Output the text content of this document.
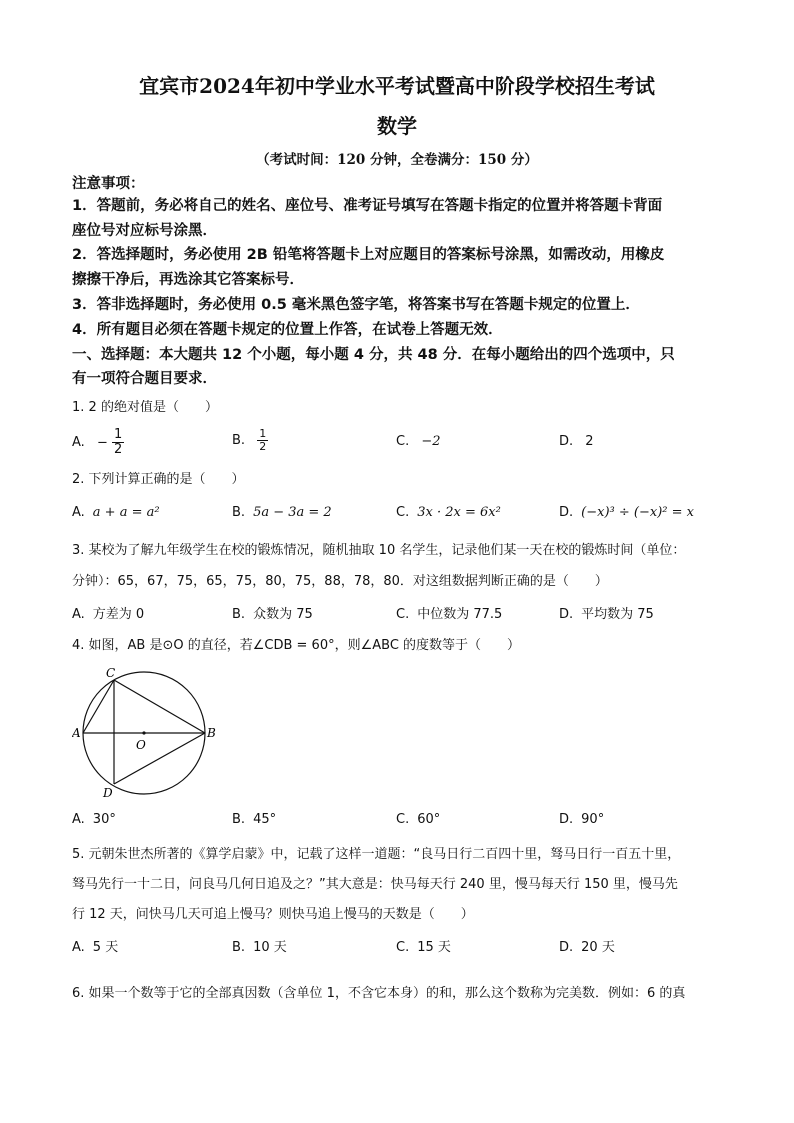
宜宾市2024年初中学业水平考试暨高中阶段学校招生考试
数学
（考试时间：120 分钟，全卷满分：150 分）
注意事项：
1．答题前，务必将自己的姓名、座位号、准考证号填写在答题卡指定的位置并将答题卡背面
座位号对应标号涂黑．
2．答选择题时，务必使用 2B 铅笔将答题卡上对应题目的答案标号涂黑，如需改动，用橡皮
擦擦干净后，再选涂其它答案标号．
3．答非选择题时，务必使用 0.5 毫米黑色签字笔，将答案书写在答题卡规定的位置上．
4．所有题目必须在答题卡规定的位置上作答，在试卷上答题无效．
一、选择题：本大题共 12 个小题，每小题 4 分，共 48 分．在每小题给出的四个选项中，只
有一项符合题目要求．
1. 2 的绝对值是（　　）
A. − $\frac{1}{2}$	B. $\frac{1}{2}$	C. −2	D. 2
2. 下列计算正确的是（　　）
A. a + a = a²	B. 5a − 3a = 2	C. 3x · 2x = 6x²	D. (−x)³ ÷ (−x)² = x
3. 某校为了解九年级学生在校的锻炼情况，随机抽取 10 名学生，记录他们某一天在校的锻炼时间（单位：
分钟）：65，67，75，65，75，80，75，88，78，80．对这组数据判断正确的是（　　）
A. 方差为 0	B. 众数为 75	C. 中位数为 77.5	D. 平均数为 75
4. 如图，AB 是⊙O 的直径，若∠CDB = 60°，则∠ABC 的度数等于（　　）
C
A
O
B
D
A. 30°	B. 45°	C. 60°	D. 90°
5. 元朝朱世杰所著的《算学启蒙》中，记载了这样一道题：“良马日行二百四十里，驽马日行一百五十里，
驽马先行一十二日，问良马几何日追及之？”其大意是：快马每天行 240 里，慢马每天行 150 里，慢马先
行 12 天，问快马几天可追上慢马？则快马追上慢马的天数是（　　）
A. 5 天	B. 10 天	C. 15 天	D. 20 天
6. 如果一个数等于它的全部真因数（含单位 1，不含它本身）的和，那么这个数称为完美数．例如：6 的真
